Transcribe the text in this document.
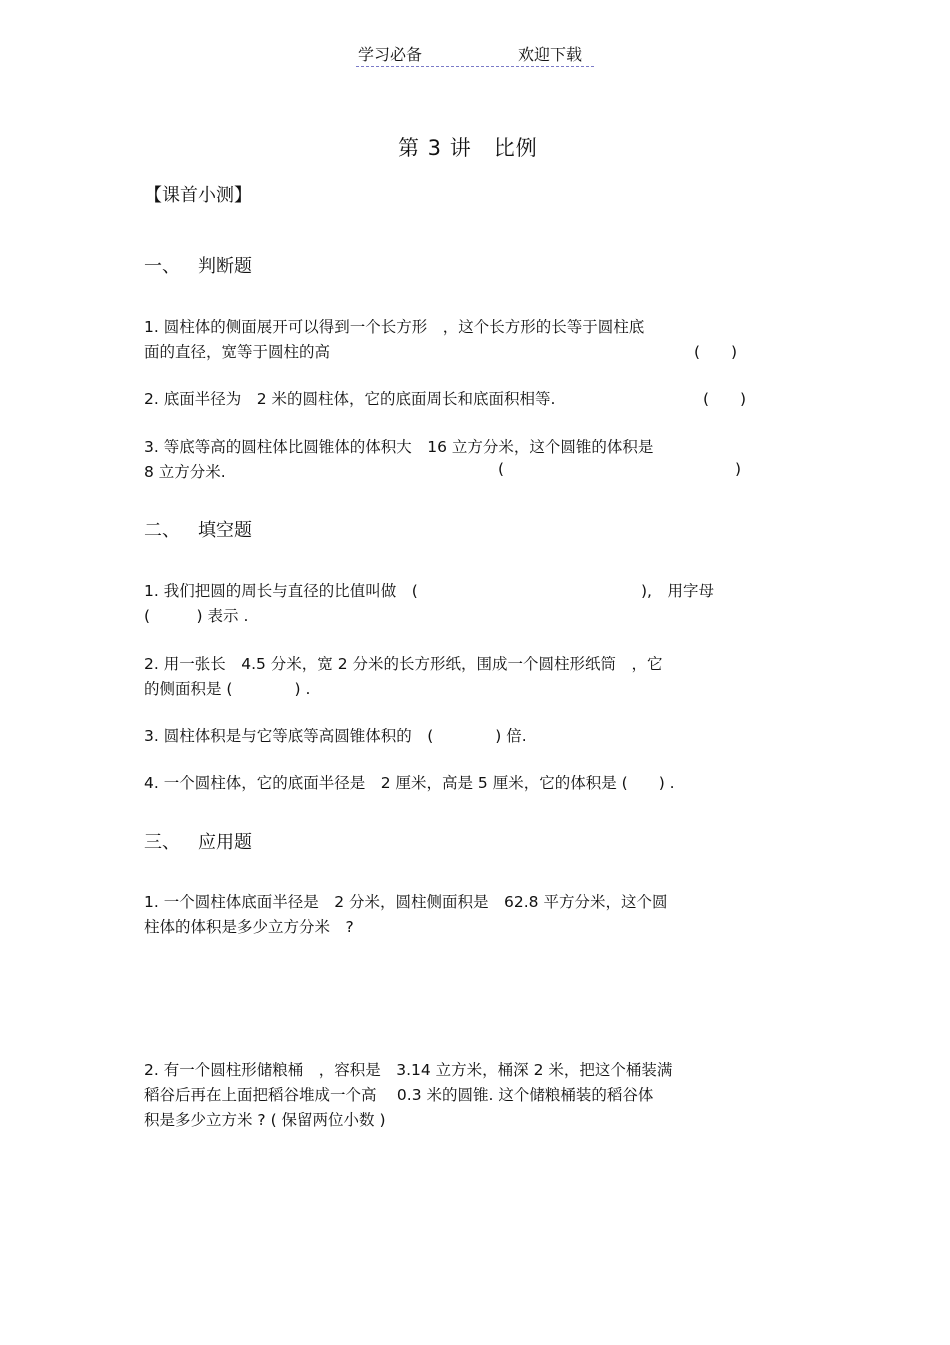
学习必备	欢迎下载
第 3 讲 比例
【课首小测】
一、 判断题
1. 圆柱体的侧面展开可以得到一个长方形　，这个长方形的长等于圆柱底
面的直径，宽等于圆柱的高	(　　)
2. 底面半径为　2 米的圆柱体，它的底面周长和底面积相等.	(　　)
3. 等底等高的圆柱体比圆锥体的体积大　16 立方分米，这个圆锥的体积是
8 立方分米.	(	)
二、 填空题
1. 我们把圆的周长与直径的比值叫做　(	),　用字母
(　　　) 表示 .
2. 用一张长　4.5 分米，宽 2 分米的长方形纸，围成一个圆柱形纸筒　，它
的侧面积是 (　　　　) .
3. 圆柱体积是与它等底等高圆锥体积的　(　　　　) 倍.
4. 一个圆柱体，它的底面半径是　2 厘米，高是 5 厘米，它的体积是 (　　) .
三、 应用题
1. 一个圆柱体底面半径是　2 分米，圆柱侧面积是　62.8 平方分米，这个圆
柱体的体积是多少立方分米　?
2. 有一个圆柱形储粮桶　，容积是　3.14 立方米，桶深 2 米，把这个桶装满
稻谷后再在上面把稻谷堆成一个高　 0.3 米的圆锥. 这个储粮桶装的稻谷体
积是多少立方米 ? ( 保留两位小数 )
